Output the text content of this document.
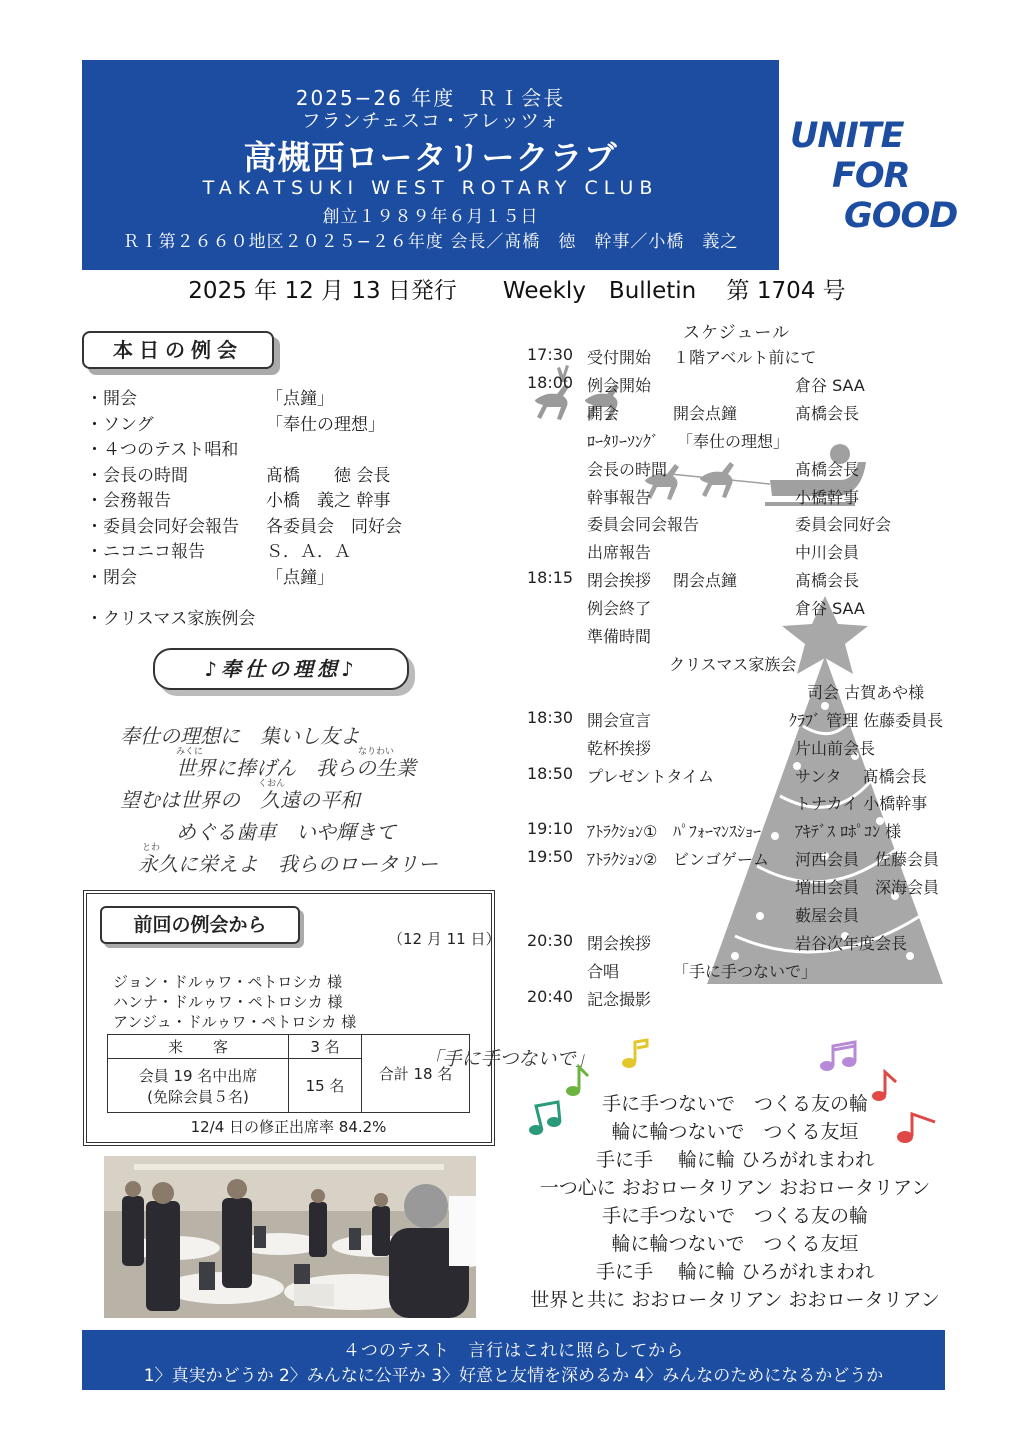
2025−26 年度　ＲＩ会長
フランチェスコ・アレッツォ
高槻西ロータリークラブ
TAKATSUKI WEST ROTARY CLUB
創立１９８９年６月１５日
ＲＩ第２６６０地区２０２５−２６年度 会長／髙橋　徳　幹事／小橋　義之
UNITE
FOR
GOOD
2025 年 12 月 13 日発行　　Weekly　Bulletin　 第 1704 号
本日の例会
・開会	「点鐘」
・ソング	「奉仕の理想」
・４つのテスト唱和
・会長の時間	髙橋　　徳 会長
・会務報告	小橋　義之 幹事
・委員会同好会報告 各委員会　同好会
・ニコニコ報告	Ｓ．Ａ．Ａ
・閉会	「点鐘」
・クリスマス家族例会
♪奉仕の理想♪
奉仕の理想に　集いし友よ
みくに	なりわい
世界に捧げん　我らの生業
くおん
望むは世界の　久遠の平和
めぐる歯車　いや輝きて
とわ
永久に栄えよ　我らのロータリー
前回の例会から
（12 月 11 日）
ジョン・ドルゥワ・ペトロシカ 様
ハンナ・ドルゥワ・ペトロシカ 様
アンジュ・ドルゥワ・ペトロシカ 様
来　　客	3 名	合計 18 名

会員 19 名中出席
(免除会員５名)	15 名	
12/4 日の修正出席率 84.2%
スケジュール
17:30 受付開始 １階アベルト前にて
18:00 例会開始	倉谷 SAA
開会	開会点鐘	髙橋会長
ﾛｰﾀﾘｰｿﾝｸﾞ 「奉仕の理想」
会長の時間	髙橋会長
幹事報告	小橋幹事
委員会同会報告	委員会同好会
出席報告	中川会員
18:15 閉会挨拶 閉会点鐘	髙橋会長
例会終了	倉谷 SAA
準備時間
クリスマス家族会
司会 古賀あや様
18:30 開会宣言	ｸﾗﾌﾞ 管理 佐藤委員長
乾杯挨拶	片山前会長
18:50 プレゼントタイム	サンタ　 髙橋会長
トナカイ 小橋幹事
19:10 ｱﾄﾗｸｼｮﾝ① ﾊﾟﾌｫｰﾏﾝｽｼｮｰ ｱｷﾃﾞｽ ﾛﾎﾟｺﾝ 様
19:50 ｱﾄﾗｸｼｮﾝ② ビンゴゲーム 河西会員　佐藤会員
増田会員　深海会員
藪屋会員
20:30 閉会挨拶	岩谷次年度会長
合唱	「手に手つないで」
20:40 記念撮影
「手に手つないで」
手に手つないで　つくる友の輪
輪に輪つないで　つくる友垣
手に手　 輪に輪 ひろがれまわれ
一つ心に おおロータリアン おおロータリアン
手に手つないで　つくる友の輪
輪に輪つないで　つくる友垣
手に手　 輪に輪 ひろがれまわれ
世界と共に おおロータリアン おおロータリアン
４つのテスト　言行はこれに照らしてから
1〉真実かどうか 2〉みんなに公平か 3〉好意と友情を深めるか 4〉みんなのためになるかどうか
